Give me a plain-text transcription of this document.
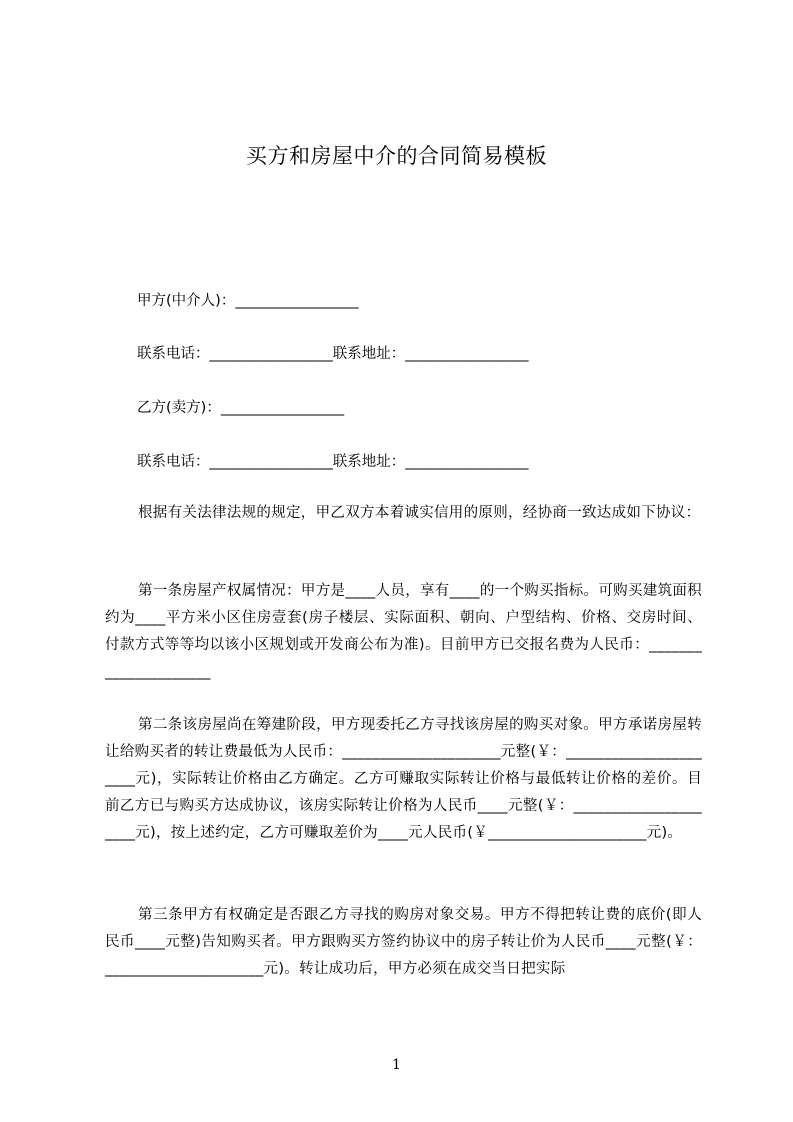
买方和房屋中介的合同简易模板
甲方(中介人)：_________________
联系电话：_________________联系地址：_________________
乙方(卖方)：_________________
联系电话：_________________联系地址：_________________
根据有关法律法规的规定，甲乙双方本着诚实信用的原则，经协商一致达成如下协议：
第一条房屋产权属情况：甲方是____人员，享有____的一个购买指标。可购买建筑面积约为____平方米小区住房壹套(房子楼层、实际面积、朝向、户型结构、价格、交房时间、付款方式等等均以该小区规划或开发商公布为准)。目前甲方已交报名费为人民币：_____________________
第二条该房屋尚在筹建阶段，甲方现委托乙方寻找该房屋的购买对象。甲方承诺房屋转让给购买者的转让费最低为人民币：_____________________元整(￥：______________________元)，实际转让价格由乙方确定。乙方可赚取实际转让价格与最低转让价格的差价。目前乙方已与购买方达成协议，该房实际转让价格为人民币____元整(￥：_____________________元)，按上述约定，乙方可赚取差价为____元人民币(￥_____________________元)。
第三条甲方有权确定是否跟乙方寻找的购房对象交易。甲方不得把转让费的底价(即人民币____元整)告知购买者。甲方跟购买方签约协议中的房子转让价为人民币____元整(￥：_____________________元)。转让成功后，甲方必须在成交当日把实际
1
